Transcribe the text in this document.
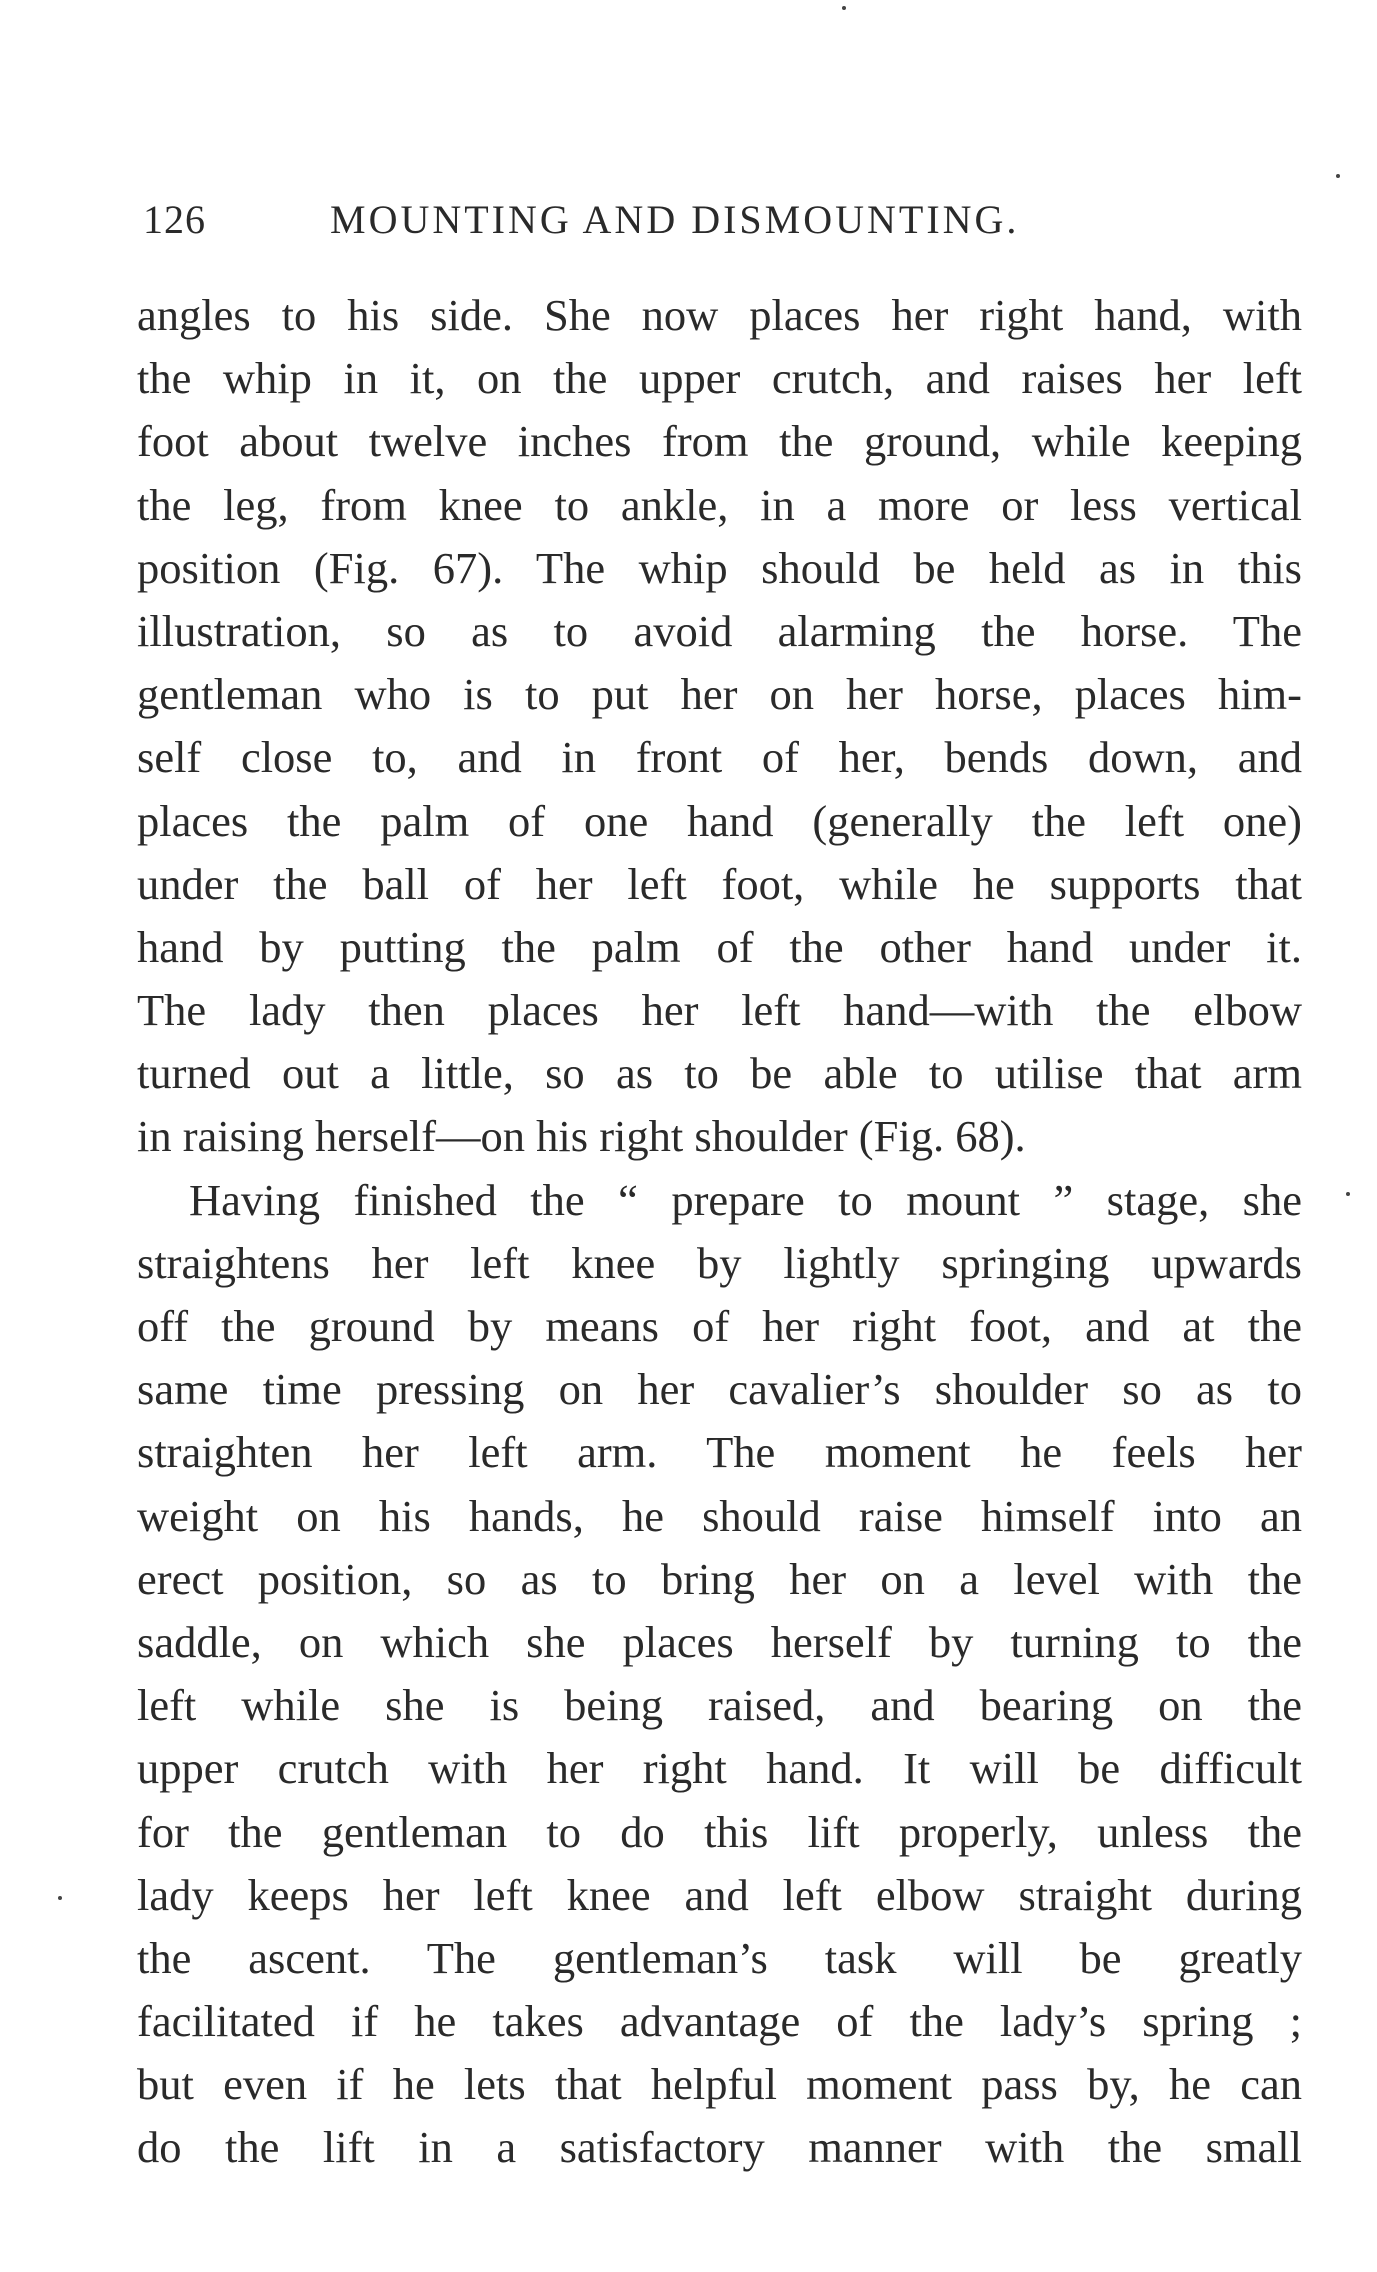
126	MOUNTING AND DISMOUNTING.
angles to his side. She now places her right hand, with
the whip in it, on the upper crutch, and raises her left
foot about twelve inches from the ground, while keeping
the leg, from knee to ankle, in a more or less vertical
position (Fig. 67). The whip should be held as in this
illustration, so as to avoid alarming the horse. The
gentleman who is to put her on her horse, places him-
self close to, and in front of her, bends down, and
places the palm of one hand (generally the left one)
under the ball of her left foot, while he supports that
hand by putting the palm of the other hand under it.
The lady then places her left hand—with the elbow
turned out a little, so as to be able to utilise that arm
in raising herself—on his right shoulder (Fig. 68).
Having finished the “ prepare to mount ” stage, she
straightens her left knee by lightly springing upwards
off the ground by means of her right foot, and at the
same time pressing on her cavalier’s shoulder so as to
straighten her left arm. The moment he feels her
weight on his hands, he should raise himself into an
erect position, so as to bring her on a level with the
saddle, on which she places herself by turning to the
left while she is being raised, and bearing on the
upper crutch with her right hand. It will be difficult
for the gentleman to do this lift properly, unless the
lady keeps her left knee and left elbow straight during
the ascent. The gentleman’s task will be greatly
facilitated if he takes advantage of the lady’s spring ;
but even if he lets that helpful moment pass by, he can
do the lift in a satisfactory manner with the small
